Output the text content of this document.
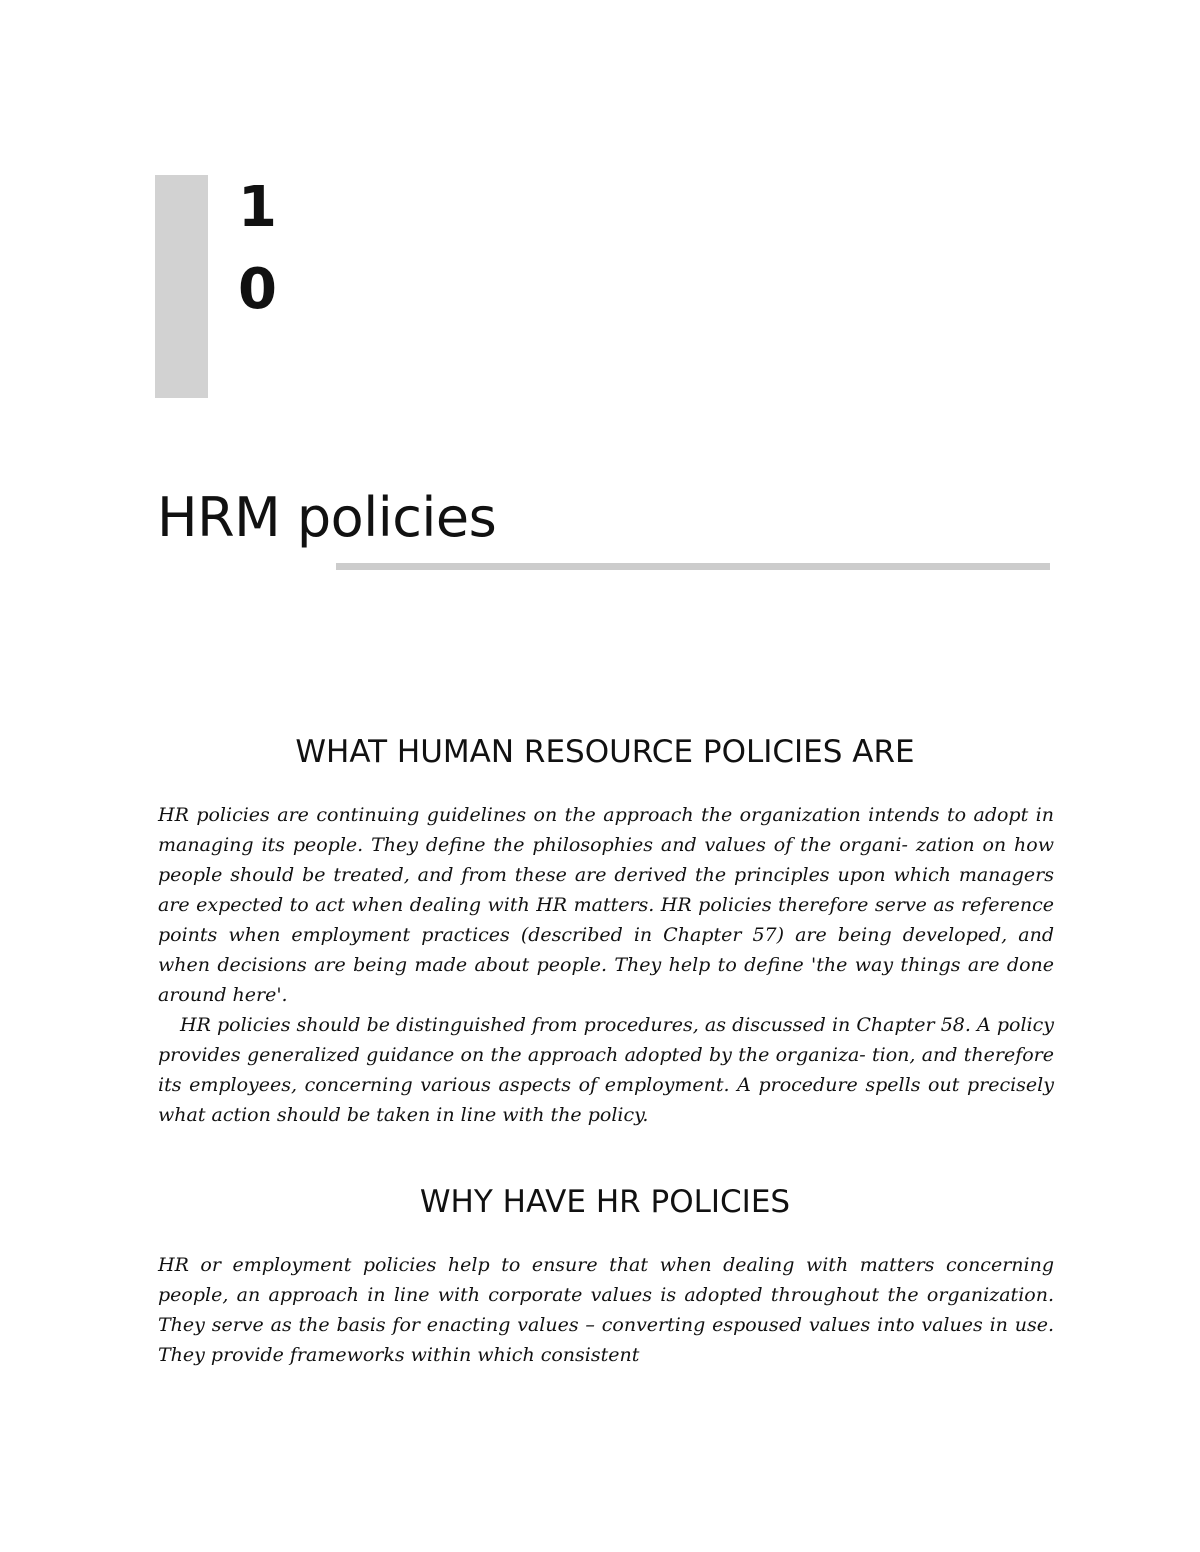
1
0
HRM policies
WHAT HUMAN RESOURCE POLICIES ARE

HR policies are continuing guidelines on the approach the organization intends to adopt in managing its people. They define the philosophies and values of the organi- zation on how people should be treated, and from these are derived the principles upon which managers are expected to act when dealing with HR matters. HR policies therefore serve as reference points when employment practices (described in Chapter 57) are being developed, and when decisions are being made about people. They help to define 'the way things are done around here'.

HR policies should be distinguished from procedures, as discussed in Chapter 58. A policy provides generalized guidance on the approach adopted by the organiza- tion, and therefore its employees, concerning various aspects of employment. A procedure spells out precisely what action should be taken in line with the policy.

WHY HAVE HR POLICIES

HR or employment policies help to ensure that when dealing with matters concerning people, an approach in line with corporate values is adopted throughout the organization. They serve as the basis for enacting values – converting espoused values into values in use. They provide frameworks within which consistent
